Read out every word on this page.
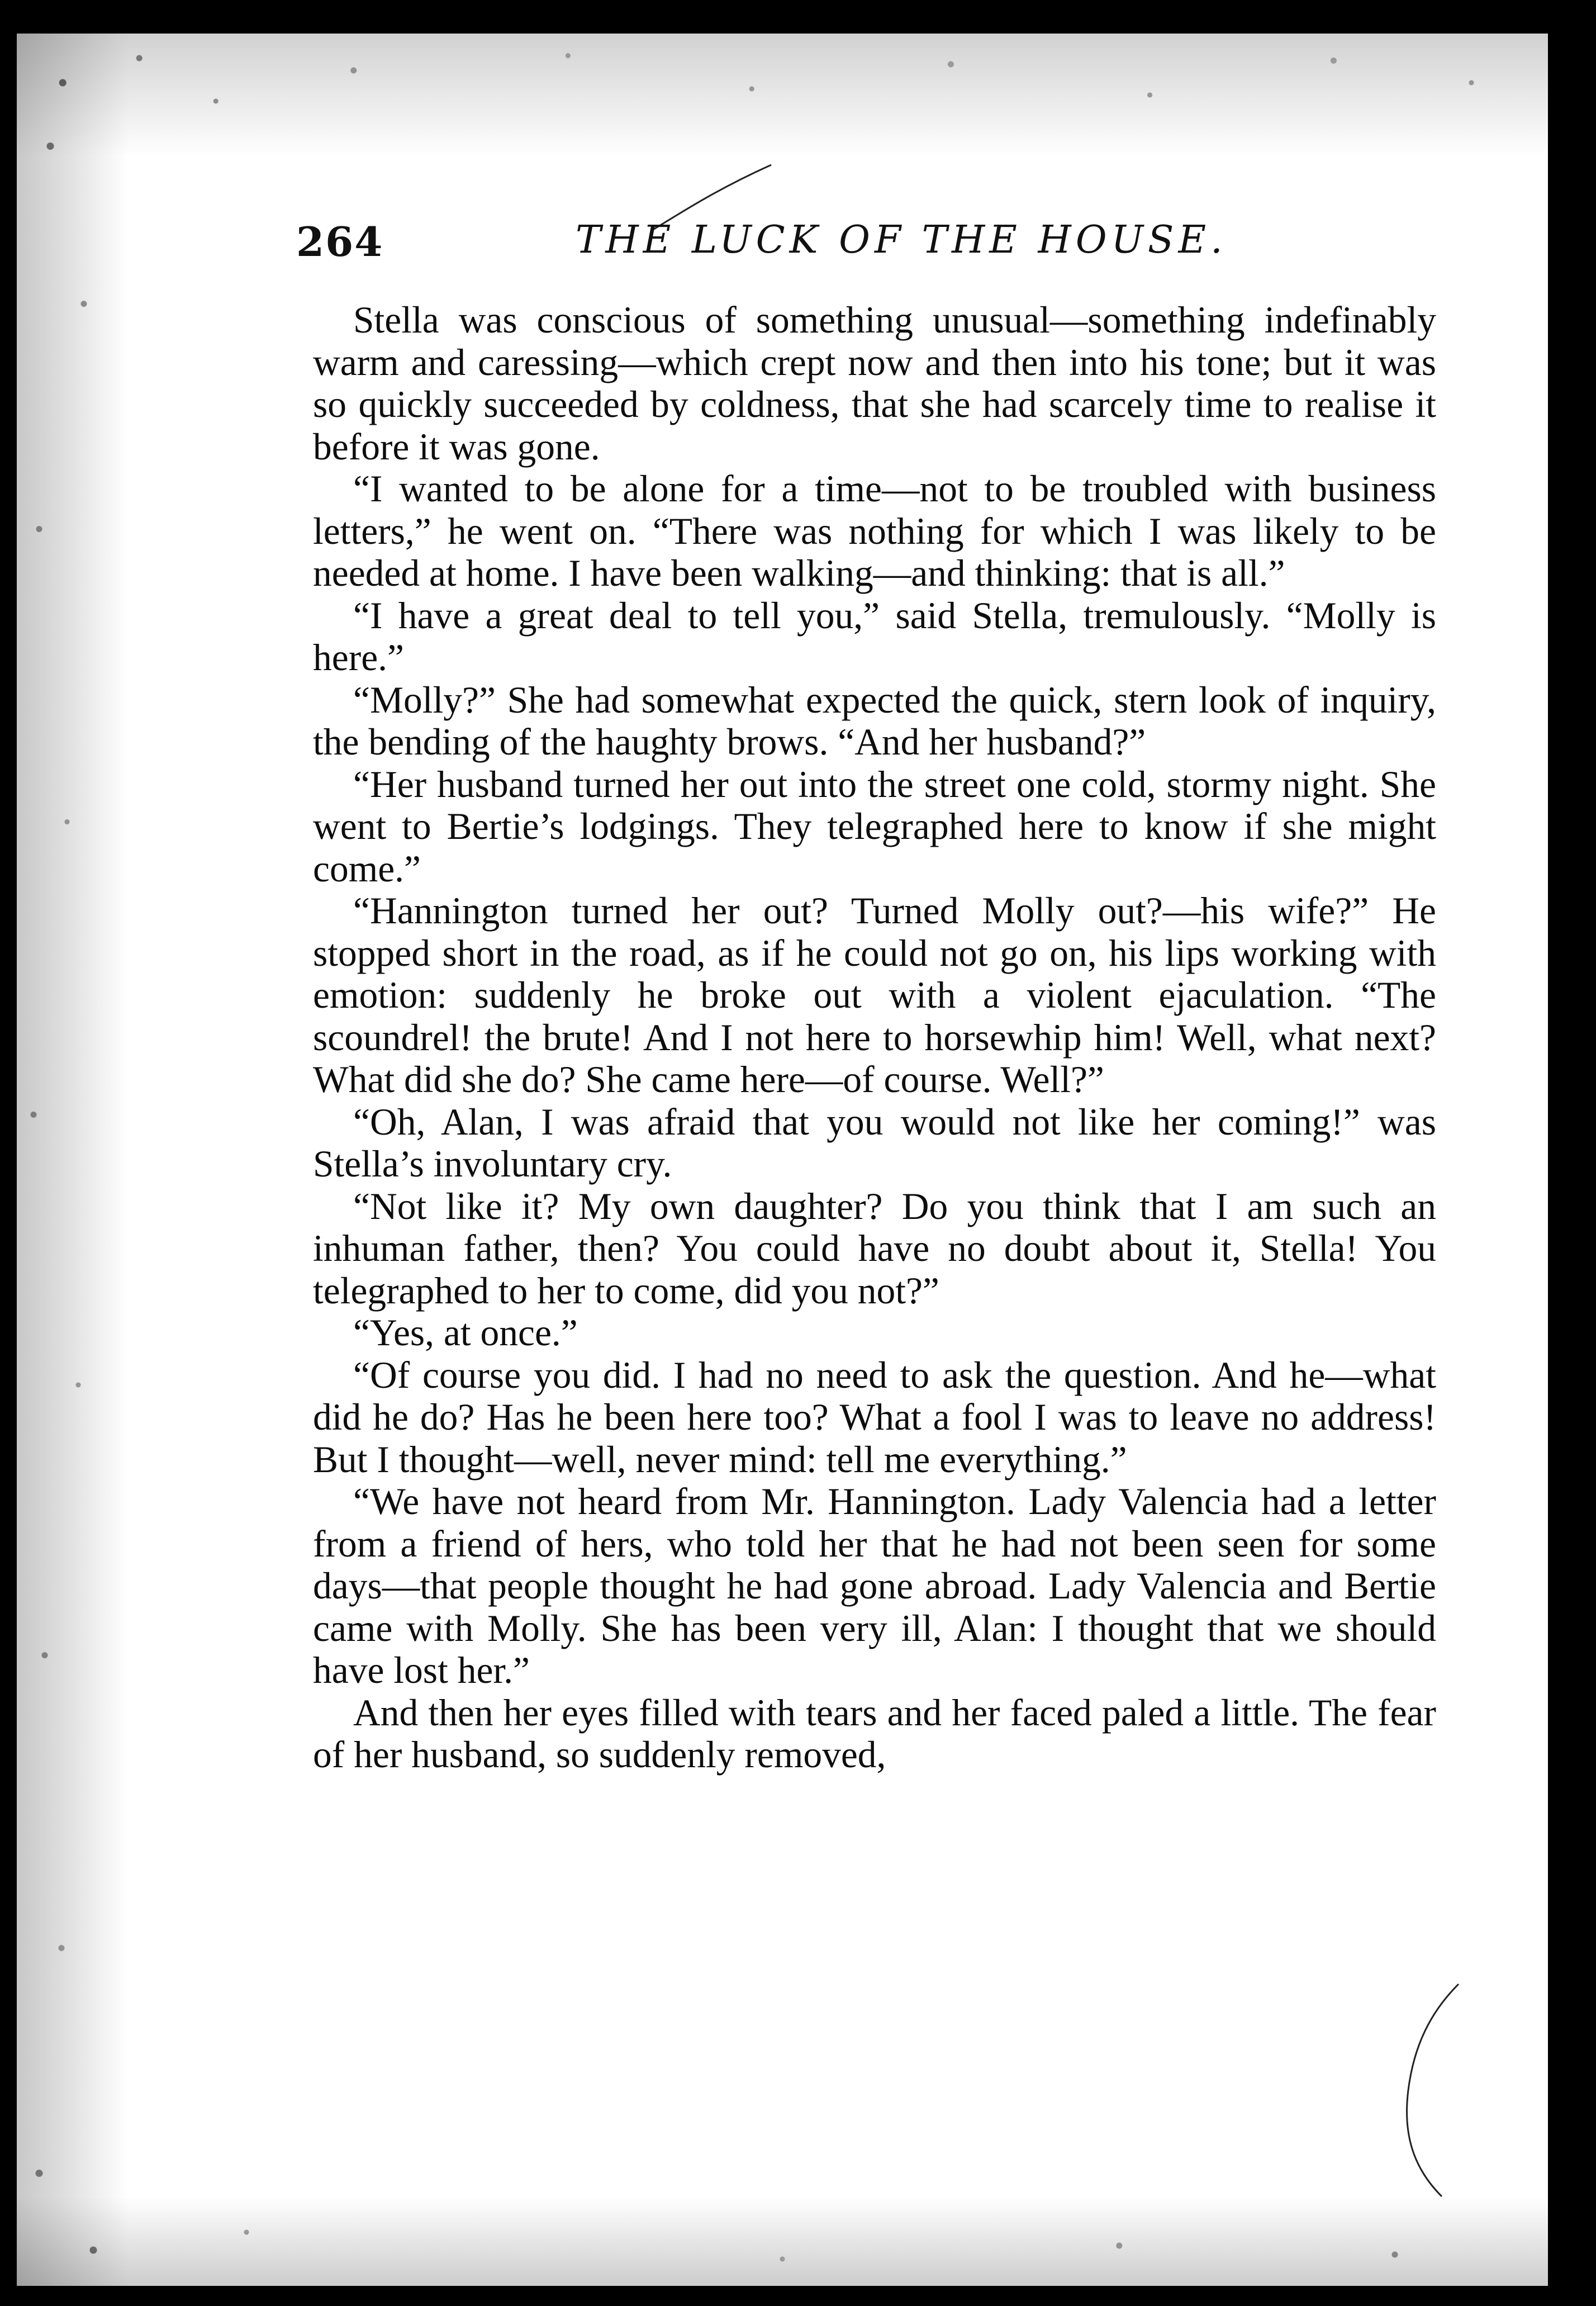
264	THE LUCK OF THE HOUSE.

Stella was conscious of something unusual—something indefinably warm and caressing—which crept now and then into his tone; but it was so quickly succeeded by coldness, that she had scarcely time to realise it before it was gone.

“I wanted to be alone for a time—not to be troubled with business letters,” he went on. “There was nothing for which I was likely to be needed at home. I have been walking—and thinking: that is all.”

“I have a great deal to tell you,” said Stella, tremulously. “Molly is here.”

“Molly?” She had somewhat expected the quick, stern look of inquiry, the bending of the haughty brows. “And her husband?”

“Her husband turned her out into the street one cold, stormy night. She went to Bertie’s lodgings. They telegraphed here to know if she might come.”

“Hannington turned her out? Turned Molly out?—his wife?” He stopped short in the road, as if he could not go on, his lips working with emotion: suddenly he broke out with a violent ejaculation. “The scoundrel! the brute! And I not here to horsewhip him! Well, what next? What did she do? She came here—of course. Well?”

“Oh, Alan, I was afraid that you would not like her coming!” was Stella’s involuntary cry.

“Not like it? My own daughter? Do you think that I am such an inhuman father, then? You could have no doubt about it, Stella! You telegraphed to her to come, did you not?”

“Yes, at once.”

“Of course you did. I had no need to ask the question. And he—what did he do? Has he been here too? What a fool I was to leave no address! But I thought—well, never mind: tell me everything.”

“We have not heard from Mr. Hannington. Lady Valencia had a letter from a friend of hers, who told her that he had not been seen for some days—that people thought he had gone abroad. Lady Valencia and Bertie came with Molly. She has been very ill, Alan: I thought that we should have lost her.”

And then her eyes filled with tears and her faced paled a little. The fear of her husband, so suddenly removed,
